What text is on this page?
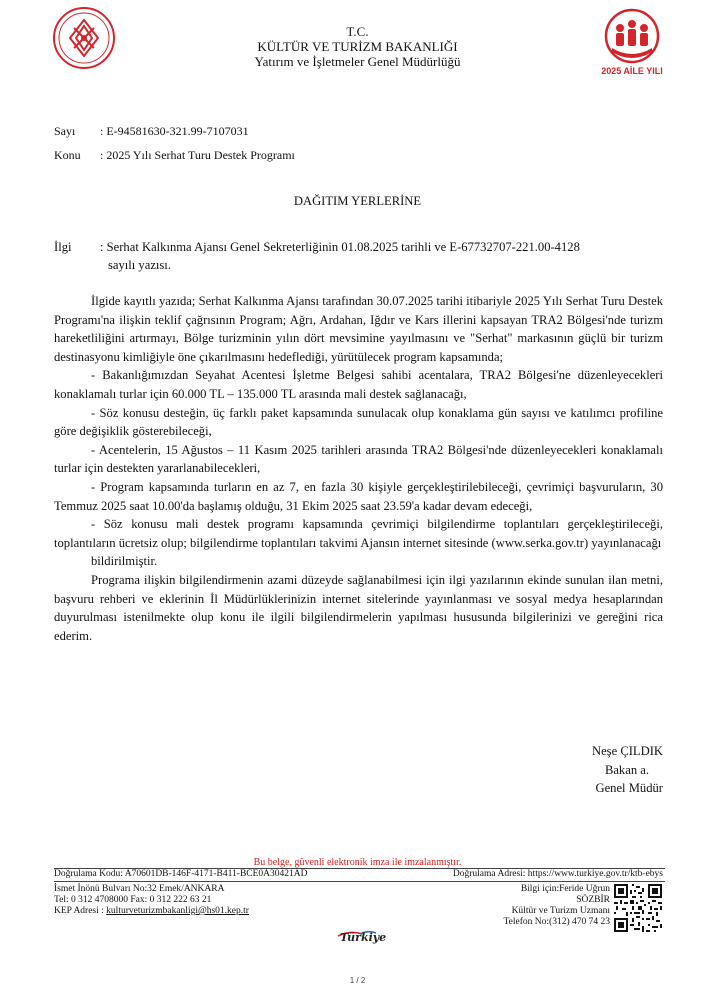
2025 AİLE YILI
T.C.
KÜLTÜR VE TURİZM BAKANLIĞI
Yatırım ve İşletmeler Genel Müdürlüğü
Sayı : E-94581630-321.99-7107031
Konu : 2025 Yılı Serhat Turu Destek Programı
DAĞITIM YERLERİNE
İlgi : Serhat Kalkınma Ajansı Genel Sekreterliğinin 01.08.2025 tarihli ve E-67732707-221.00-4128
sayılı yazısı.

İlgide kayıtlı yazıda; Serhat Kalkınma Ajansı tarafından 30.07.2025 tarihi itibariyle 2025 Yılı Serhat Turu Destek Programı'na ilişkin teklif çağrısının Program; Ağrı, Ardahan, Iğdır ve Kars illerini kapsayan TRA2 Bölgesi'nde turizm hareketliliğini artırmayı, Bölge turizminin yılın dört mevsimine yayılmasını ve "Serhat" markasının güçlü bir turizm destinasyonu kimliğiyle öne çıkarılmasını hedeflediği, yürütülecek program kapsamında;

- Bakanlığımızdan Seyahat Acentesi İşletme Belgesi sahibi acentalara, TRA2 Bölgesi'ne düzenleyecekleri konaklamalı turlar için 60.000 TL – 135.000 TL arasında mali destek sağlanacağı,

- Söz konusu desteğin, üç farklı paket kapsamında sunulacak olup konaklama gün sayısı ve katılımcı profiline göre değişiklik gösterebileceği,

- Acentelerin, 15 Ağustos – 11 Kasım 2025 tarihleri arasında TRA2 Bölgesi'nde düzenleyecekleri konaklamalı turlar için destekten yararlanabilecekleri,

- Program kapsamında turların en az 7, en fazla 30 kişiyle gerçekleştirilebileceği, çevrimiçi başvuruların, 30 Temmuz 2025 saat 10.00'da başlamış olduğu, 31 Ekim 2025 saat 23.59'a kadar devam edeceği,

- Söz konusu mali destek programı kapsamında çevrimiçi bilgilendirme toplantıları gerçekleştirileceği, toplantıların ücretsiz olup; bilgilendirme toplantıları takvimi Ajansın internet sitesinde (www.serka.gov.tr) yayınlanacağı

bildirilmiştir.

Programa ilişkin bilgilendirmenin azami düzeyde sağlanabilmesi için ilgi yazılarının ekinde sunulan ilan metni, başvuru rehberi ve eklerinin İl Müdürlüklerinizin internet sitelerinde yayınlanması ve sosyal medya hesaplarından duyurulması istenilmekte olup konu ile ilgili bilgilendirmelerin yapılması hususunda bilgilerinizi ve gereğini rica ederim.

Neşe ÇILDIK
Bakan a.
Genel Müdür
Bu belge, güvenli elektronik imza ile imzalanmıştır.
Doğrulama Kodu: A70601DB-146F-4171-B411-BCE0A30421AD	Doğrulama Adresi: https://www.turkiye.gov.tr/ktb-ebys
İsmet İnönü Bulvarı No:32 Emek/ANKARA
Tel: 0 312 4708000 Fax: 0 312 222 63 21
KEP Adresi : kulturveturizmbakanligi@hs01.kep.tr
Bilgi için:Feride Uğrun
SÖZBİR
Kültür ve Turizm Uzmanı
Telefon No:(312) 470 74 23
Türkiye
1 / 2
